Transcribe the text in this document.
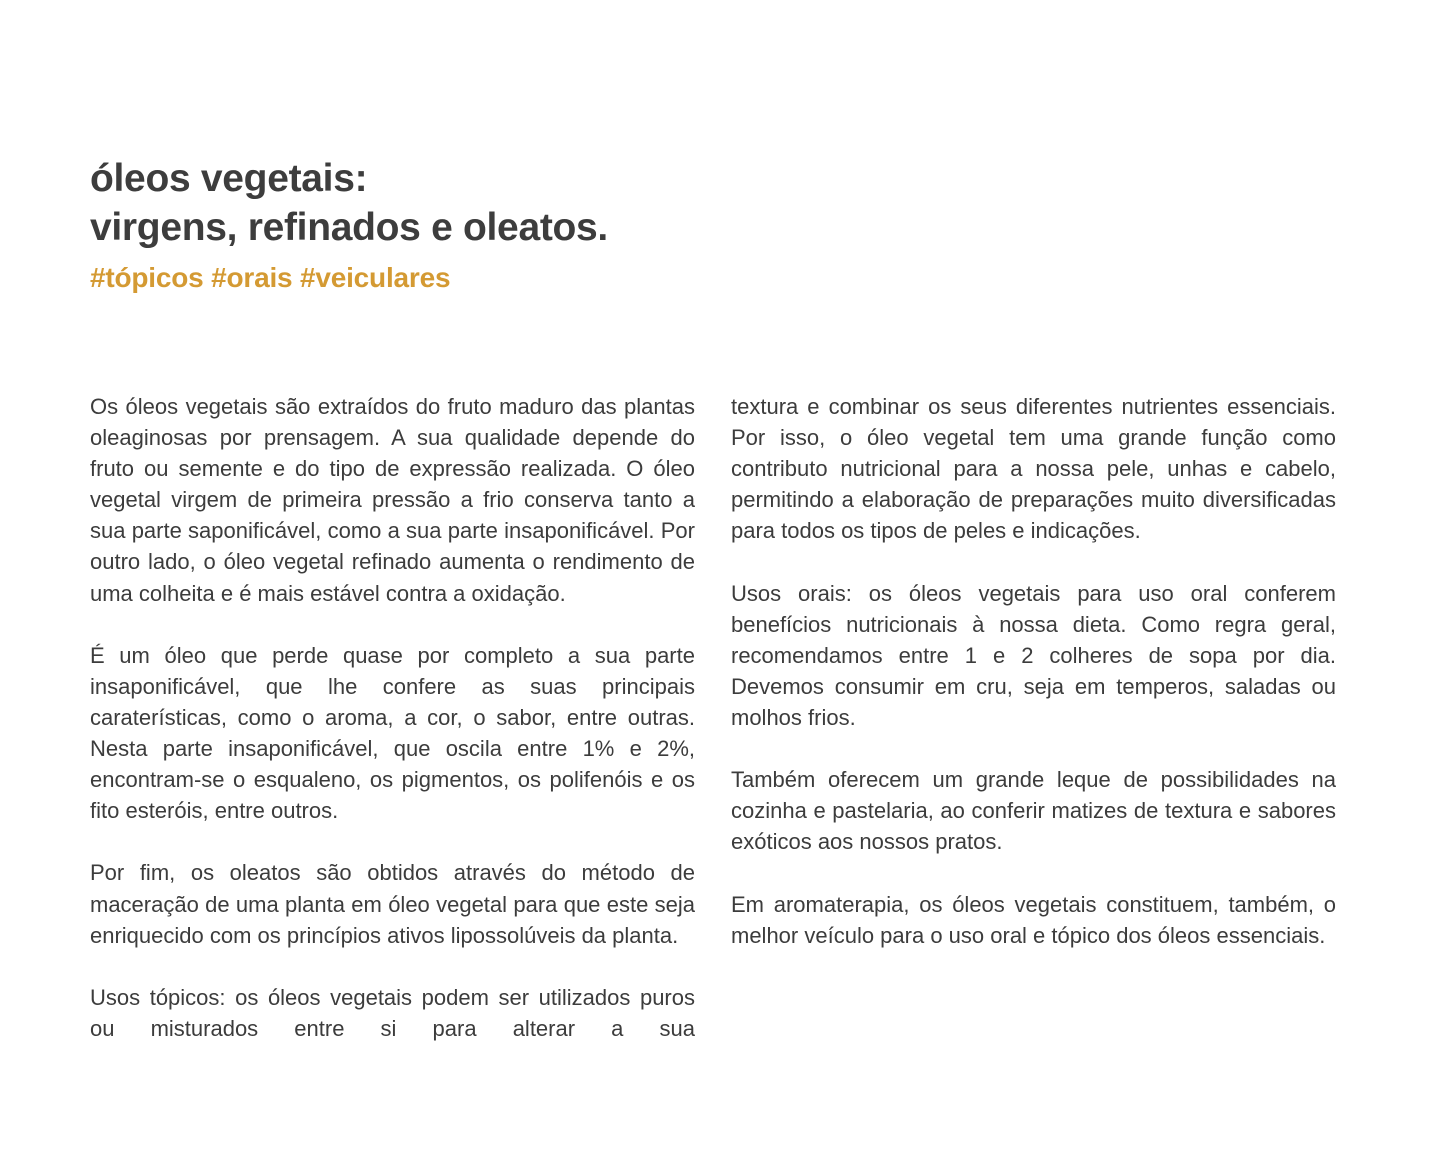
óleos vegetais:
virgens, refinados e oleatos.
#tópicos #orais #veiculares

Os óleos vegetais são extraídos do fruto maduro das plantas oleaginosas por prensagem. A sua qualidade depende do fruto ou semente e do tipo de expressão realizada. O óleo vegetal virgem de primeira pressão a frio conserva tanto a sua parte saponificável, como a sua parte insaponificável. Por outro lado, o óleo vegetal refinado aumenta o rendimento de uma colheita e é mais estável contra a oxidação.

É um óleo que perde quase por completo a sua parte insaponificável, que lhe confere as suas principais caraterísticas, como o aroma, a cor, o sabor, entre outras. Nesta parte insaponificável, que oscila entre 1% e 2%, encontram-se o esqualeno, os pigmentos, os polifenóis e os fito esteróis, entre outros.

Por fim, os oleatos são obtidos através do método de maceração de uma planta em óleo vegetal para que este seja enriquecido com os princípios ativos lipossolúveis da planta.

Usos tópicos: os óleos vegetais podem ser utilizados puros ou misturados entre si para alterar a sua

textura e combinar os seus diferentes nutrientes essenciais. Por isso, o óleo vegetal tem uma grande função como contributo nutricional para a nossa pele, unhas e cabelo, permitindo a elaboração de preparações muito diversificadas para todos os tipos de peles e indicações.

Usos orais: os óleos vegetais para uso oral conferem benefícios nutricionais à nossa dieta. Como regra geral, recomendamos entre 1 e 2 colheres de sopa por dia. Devemos consumir em cru, seja em temperos, saladas ou molhos frios.

Também oferecem um grande leque de possibilidades na cozinha e pastelaria, ao conferir matizes de textura e sabores exóticos aos nossos pratos.

Em aromaterapia, os óleos vegetais constituem, também, o melhor veículo para o uso oral e tópico dos óleos essenciais.
